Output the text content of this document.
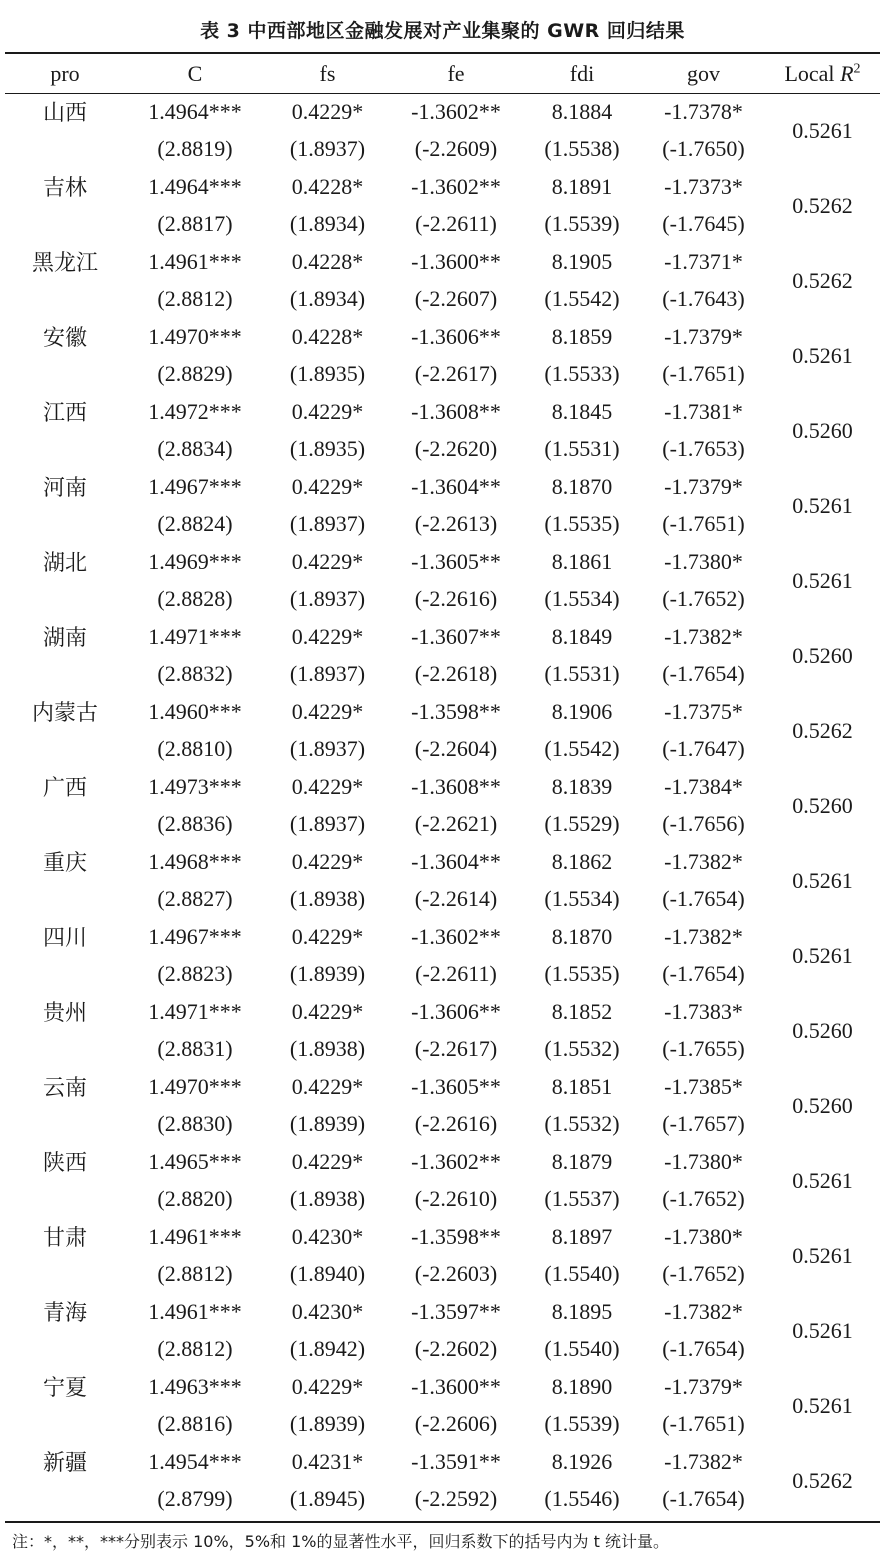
表 3 中西部地区金融发展对产业集聚的 GWR 回归结果
pro	C	fs	fe	fdi	gov	Local $R^2$
山西	1.4964***	0.4229*	-1.3602**	8.1884	-1.7378*	0.5261
	(2.8819)	(1.8937)	(-2.2609)	(1.5538)	(-1.7650)	
吉林	1.4964***	0.4228*	-1.3602**	8.1891	-1.7373*	0.5262
	(2.8817)	(1.8934)	(-2.2611)	(1.5539)	(-1.7645)	
黑龙江	1.4961***	0.4228*	-1.3600**	8.1905	-1.7371*	0.5262
	(2.8812)	(1.8934)	(-2.2607)	(1.5542)	(-1.7643)	
安徽	1.4970***	0.4228*	-1.3606**	8.1859	-1.7379*	0.5261
	(2.8829)	(1.8935)	(-2.2617)	(1.5533)	(-1.7651)	
江西	1.4972***	0.4229*	-1.3608**	8.1845	-1.7381*	0.5260
	(2.8834)	(1.8935)	(-2.2620)	(1.5531)	(-1.7653)	
河南	1.4967***	0.4229*	-1.3604**	8.1870	-1.7379*	0.5261
	(2.8824)	(1.8937)	(-2.2613)	(1.5535)	(-1.7651)	
湖北	1.4969***	0.4229*	-1.3605**	8.1861	-1.7380*	0.5261
	(2.8828)	(1.8937)	(-2.2616)	(1.5534)	(-1.7652)	
湖南	1.4971***	0.4229*	-1.3607**	8.1849	-1.7382*	0.5260
	(2.8832)	(1.8937)	(-2.2618)	(1.5531)	(-1.7654)	
内蒙古	1.4960***	0.4229*	-1.3598**	8.1906	-1.7375*	0.5262
	(2.8810)	(1.8937)	(-2.2604)	(1.5542)	(-1.7647)	
广西	1.4973***	0.4229*	-1.3608**	8.1839	-1.7384*	0.5260
	(2.8836)	(1.8937)	(-2.2621)	(1.5529)	(-1.7656)	
重庆	1.4968***	0.4229*	-1.3604**	8.1862	-1.7382*	0.5261
	(2.8827)	(1.8938)	(-2.2614)	(1.5534)	(-1.7654)	
四川	1.4967***	0.4229*	-1.3602**	8.1870	-1.7382*	0.5261
	(2.8823)	(1.8939)	(-2.2611)	(1.5535)	(-1.7654)	
贵州	1.4971***	0.4229*	-1.3606**	8.1852	-1.7383*	0.5260
	(2.8831)	(1.8938)	(-2.2617)	(1.5532)	(-1.7655)	
云南	1.4970***	0.4229*	-1.3605**	8.1851	-1.7385*	0.5260
	(2.8830)	(1.8939)	(-2.2616)	(1.5532)	(-1.7657)	
陕西	1.4965***	0.4229*	-1.3602**	8.1879	-1.7380*	0.5261
	(2.8820)	(1.8938)	(-2.2610)	(1.5537)	(-1.7652)	
甘肃	1.4961***	0.4230*	-1.3598**	8.1897	-1.7380*	0.5261
	(2.8812)	(1.8940)	(-2.2603)	(1.5540)	(-1.7652)	
青海	1.4961***	0.4230*	-1.3597**	8.1895	-1.7382*	0.5261
	(2.8812)	(1.8942)	(-2.2602)	(1.5540)	(-1.7654)	
宁夏	1.4963***	0.4229*	-1.3600**	8.1890	-1.7379*	0.5261
	(2.8816)	(1.8939)	(-2.2606)	(1.5539)	(-1.7651)	
新疆	1.4954***	0.4231*	-1.3591**	8.1926	-1.7382*	0.5262
	(2.8799)	(1.8945)	(-2.2592)	(1.5546)	(-1.7654)	
注：*，**，***分别表示 10%，5%和 1%的显著性水平，回归系数下的括号内为 t 统计量。
